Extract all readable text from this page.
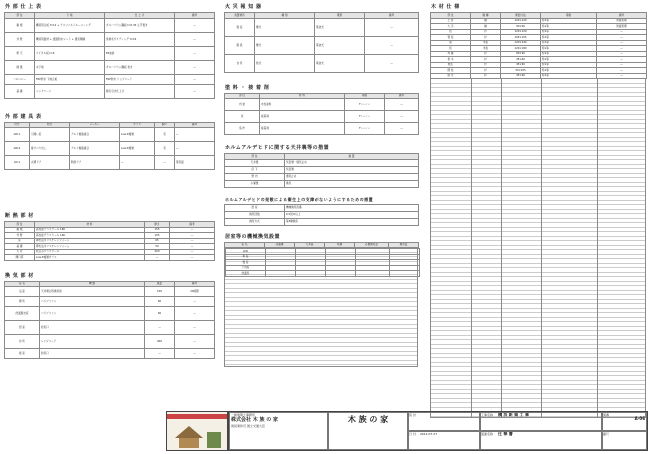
外 部 仕 上 表
部 位	下 地	仕 上 げ	備考
屋 根	構造用合板 t=12 + アスファルトルーフィング	ガルバリウム鋼板 t=0.35 立平葺き	―
外 壁	構造用面材 + 透湿防水シート + 通気胴縁	窯業系サイディング t=16	―
軒 天	ケイカル板 t=6	EP塗装	―
破 風	木下地	ガルバリウム鋼板 巻き	―
バルコニー	FRP防水 下地合板	FRP防水 トップコート	―
基 礎	コンクリート	刷毛引き仕上げ	―
外 部 建 具 表
符号	形式	メーカー	ガラス	網戸	備考
AW-1	引違い窓	アルミ樹脂複合	Low-E複層	有	―
AW-2	縦すべり出し	アルミ樹脂複合	Low-E複層	有	―
AD-1	玄関ドア	断熱ドア	―	―	電気錠
断 熱 部 材
部 位	材 料	厚さ	備考
屋 根	高性能グラスウール 16K	155	―
外 壁	高性能グラスウール 16K	105	―
床	押出法ポリスチレンフォーム	65	―
基 礎	押出法ポリスチレンフォーム	50	―
天 井	吹込みグラスウール	200	―
開口部	Low-E複層ガラス	―	―
換 気 部 材
室 名	機 器	風量	備考
浴 室	天井埋込形換気扇	100	24時間
便 所	パイプファン	60	―
洗面脱衣室	パイプファン	60	―
居 室	給気口	―	―
台 所	レンジフード	400	―
寝 室	給気口	―	―
火 災 報 知 器
設置場所	種 別	電源	備考
寝 室	煙式	電池式	―
階 段	煙式	電池式	―
台 所	熱式	電池式	―
塗 料 ・ 接 着 剤
部 位	材 料	等級	備考
内 装	水性塗料	F☆☆☆☆	―
床	接着剤	F☆☆☆☆	―
造 作	接着剤	F☆☆☆☆	―
ホルムアルデヒドに関する天井裏等の措置
部 位	措 置
天井裏	気密層・通気止め
床 下	気密層
壁 内	通気止め
小屋裏	換気
ホルムアルデヒドの発散による衛生上の支障がないようにするための措置
居 室	機械換気設備
換気回数	0.5回/h以上
換気方式	第3種換気
居室等の機械換気設置
室 名	床面積	天井高	気積	必要換気量	換気量
LDK					
和 室					
寝 室					
子供室					
洗面所					
木 材 仕 様
部 位	樹 種	断面寸法	等級	備考
土 台	檜	120×120	特1等	防腐処理
大 引	檜	90×90	特1等	防腐処理
柱	杉	120×120	特1等	―
管 柱	杉	105×105	特1等	―
梁	米松	120×240	特1等	―
桁	米松	120×180	特1等	―
母 屋	杉	90×90	特1等	―
垂 木	杉	45×60	特1等	―
根太	杉	45×60	特1等	―
間 柱	杉	30×105	特1等	―
筋 交	杉	45×90	特1等	―
一級建築士事務所
株式会社 木 族 の 家
建設業許可 国土交通大臣
木 族 の 家	設 計
日 付 2012.07.27
工事名称 横 浜 新 築 工 事
図面名称 仕 様 書
図番
A-06
縮尺
